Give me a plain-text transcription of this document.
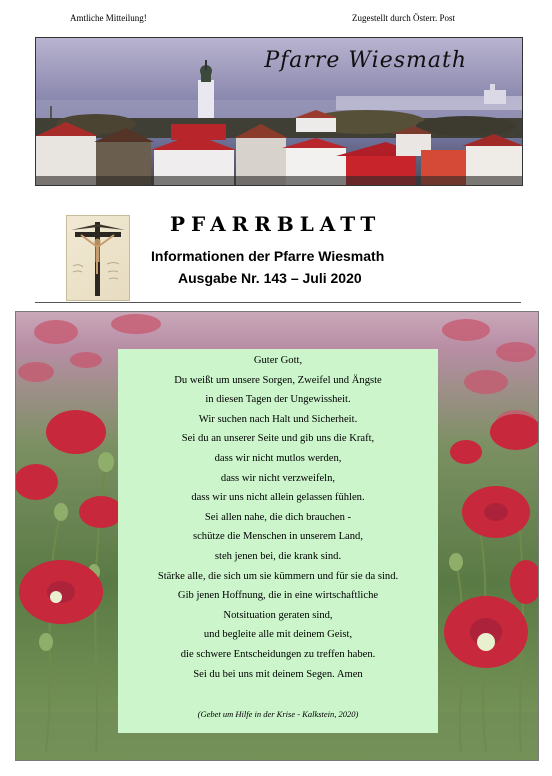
Amtliche Mitteilung!	Zugestellt durch Österr. Post
Pfarre Wiesmath
PFARRBLATT
Informationen der Pfarre Wiesmath
Ausgabe Nr. 143 – Juli 2020
Guter Gott,
Du weißt um unsere Sorgen, Zweifel und Ängste
in diesen Tagen der Ungewissheit.
Wir suchen nach Halt und Sicherheit.
Sei du an unserer Seite und gib uns die Kraft,
dass wir nicht mutlos werden,
dass wir nicht verzweifeln,
dass wir uns nicht allein gelassen fühlen.
Sei allen nahe, die dich brauchen -
schütze die Menschen in unserem Land,
steh jenen bei, die krank sind.
Stärke alle, die sich um sie kümmern und für sie da sind.
Gib jenen Hoffnung, die in eine wirtschaftliche
Notsituation geraten sind,
und begleite alle mit deinem Geist,
die schwere Entscheidungen zu treffen haben.
Sei du bei uns mit deinem Segen. Amen
(Gebet um Hilfe in der Krise - Kalkstein, 2020)
